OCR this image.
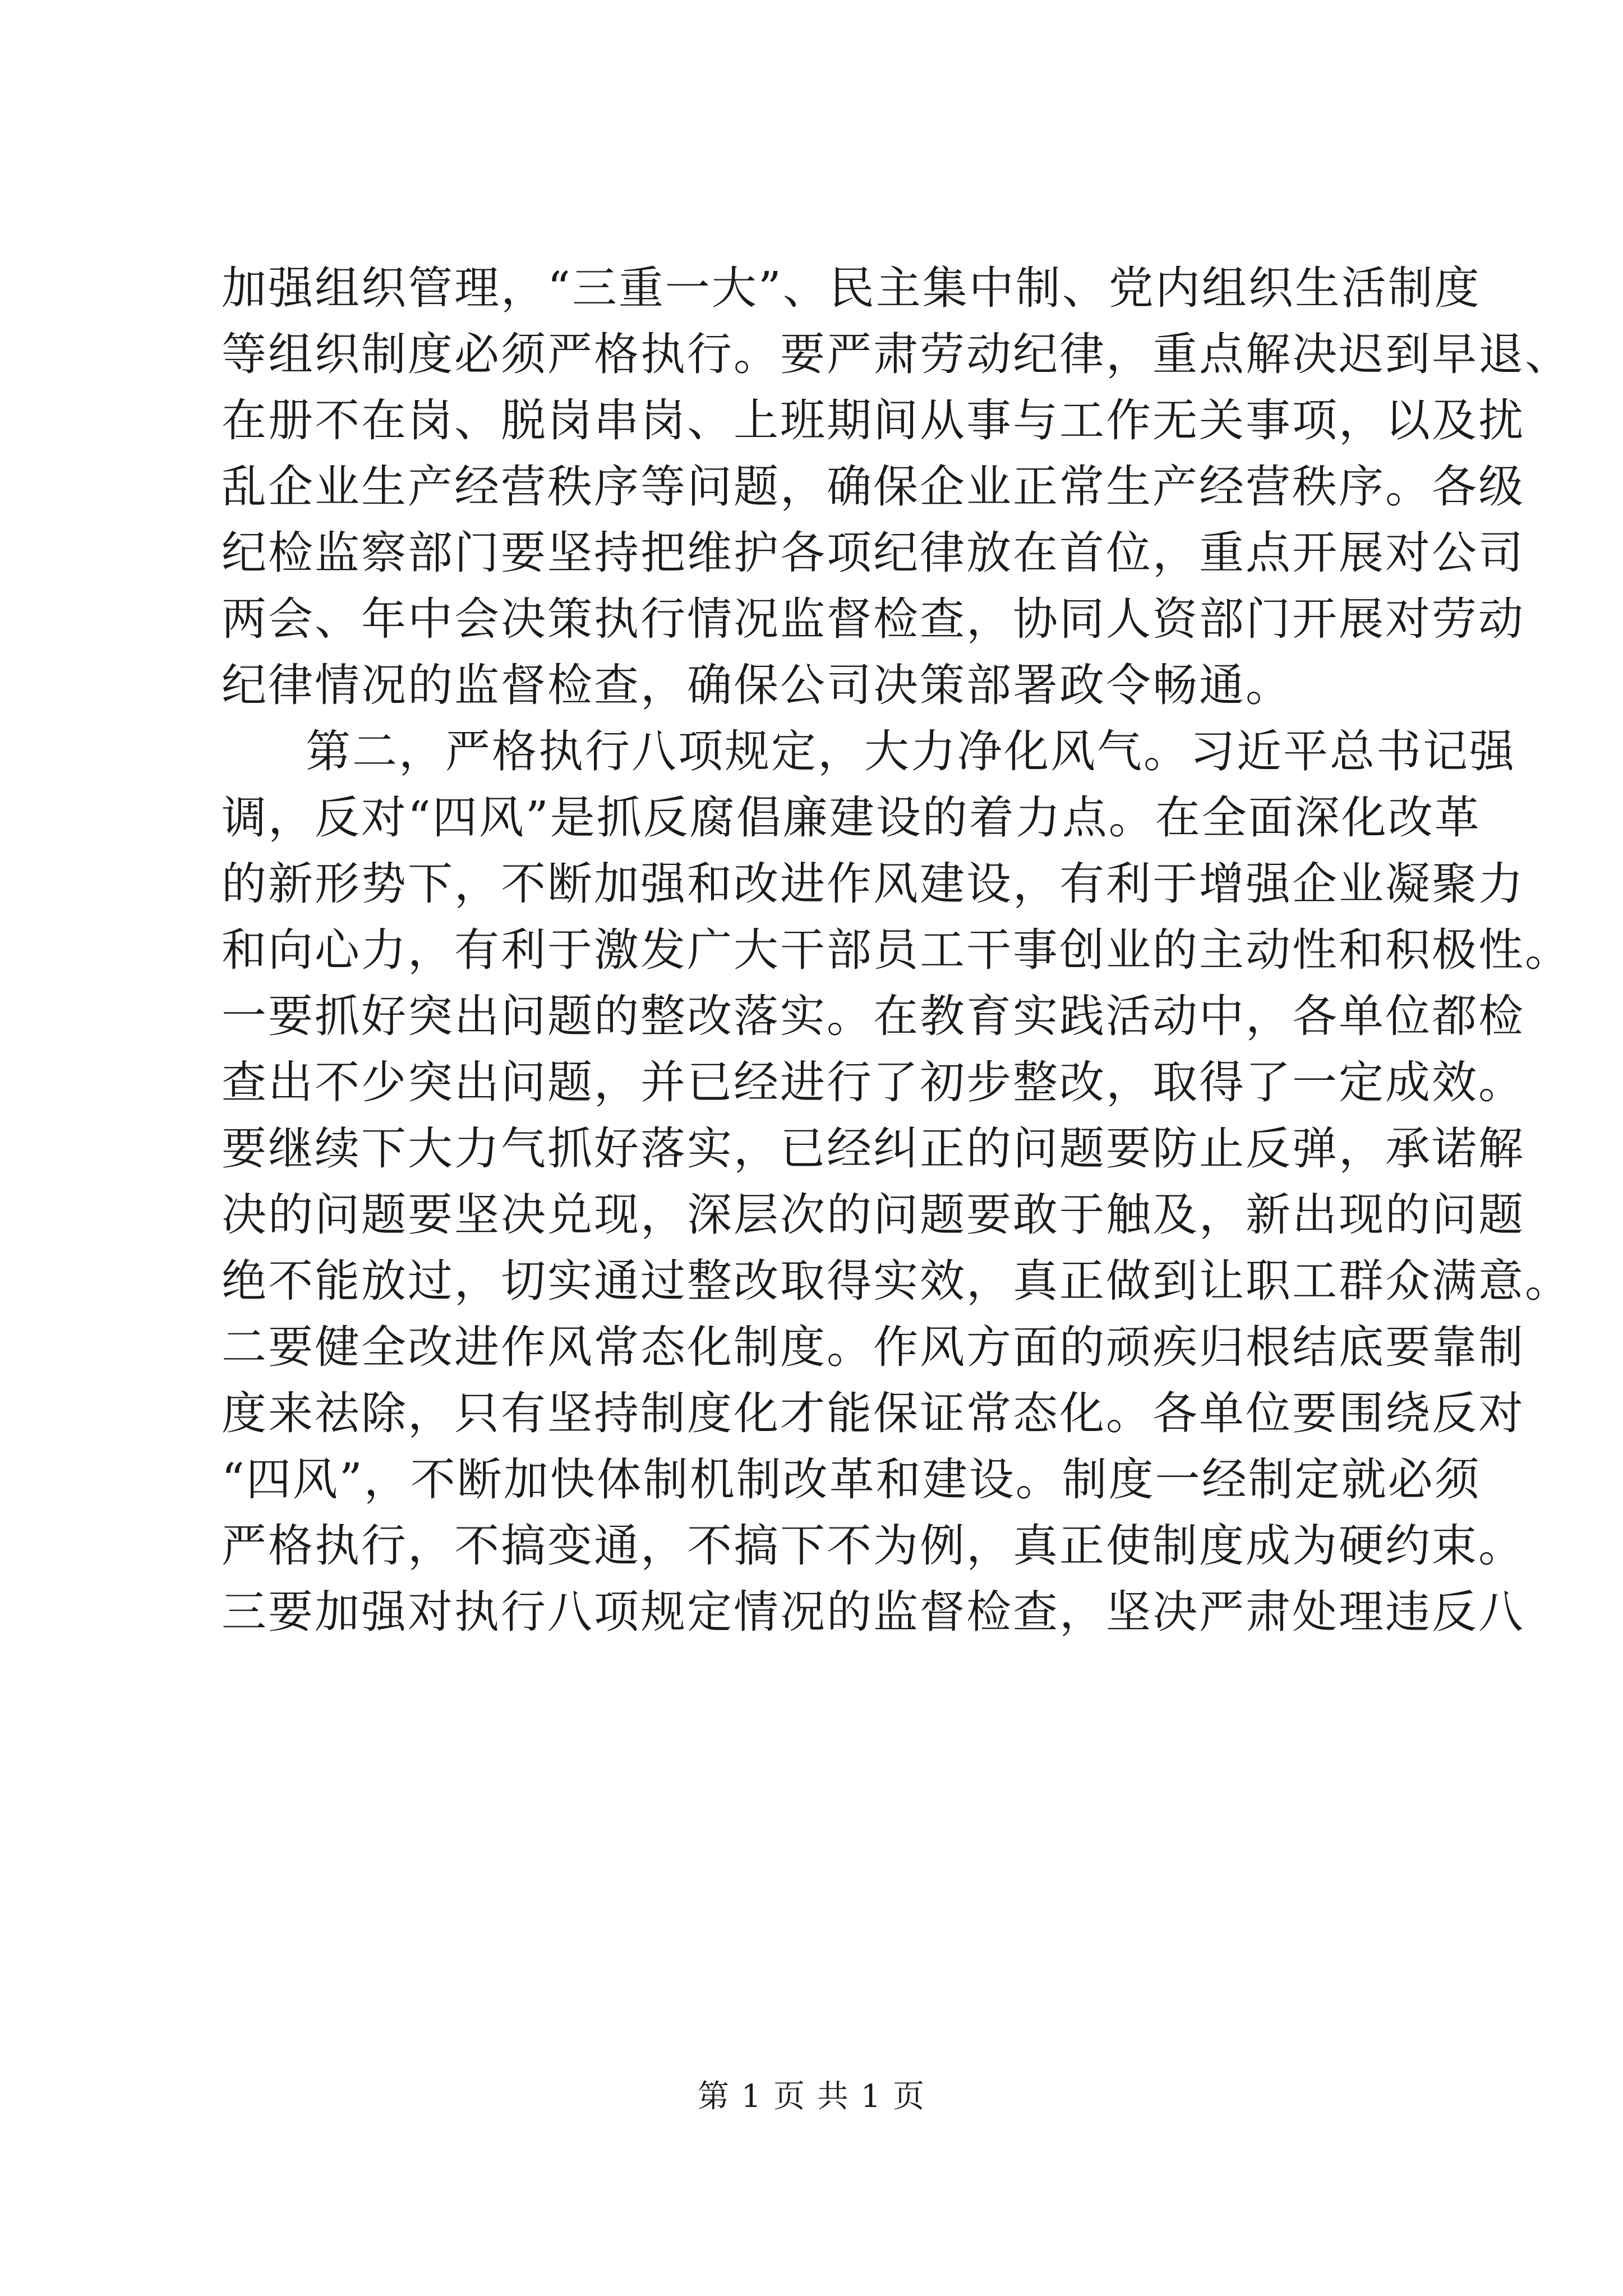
加强组织管理，“三重一大”、民主集中制、党内组织生活制度
等组织制度必须严格执行。要严肃劳动纪律，重点解决迟到早退、
在册不在岗、脱岗串岗、上班期间从事与工作无关事项，以及扰
乱企业生产经营秩序等问题，确保企业正常生产经营秩序。各级
纪检监察部门要坚持把维护各项纪律放在首位，重点开展对公司
两会、年中会决策执行情况监督检查，协同人资部门开展对劳动
纪律情况的监督检查，确保公司决策部署政令畅通。
第二，严格执行八项规定，大力净化风气。习近平总书记强
调，反对“四风”是抓反腐倡廉建设的着力点。在全面深化改革
的新形势下，不断加强和改进作风建设，有利于增强企业凝聚力
和向心力，有利于激发广大干部员工干事创业的主动性和积极性。
一要抓好突出问题的整改落实。在教育实践活动中，各单位都检
查出不少突出问题，并已经进行了初步整改，取得了一定成效。
要继续下大力气抓好落实，已经纠正的问题要防止反弹，承诺解
决的问题要坚决兑现，深层次的问题要敢于触及，新出现的问题
绝不能放过，切实通过整改取得实效，真正做到让职工群众满意。
二要健全改进作风常态化制度。作风方面的顽疾归根结底要靠制
度来祛除，只有坚持制度化才能保证常态化。各单位要围绕反对
“四风”，不断加快体制机制改革和建设。制度一经制定就必须
严格执行，不搞变通，不搞下不为例，真正使制度成为硬约束。
三要加强对执行八项规定情况的监督检查，坚决严肃处理违反八
第 1 页 共 1 页
